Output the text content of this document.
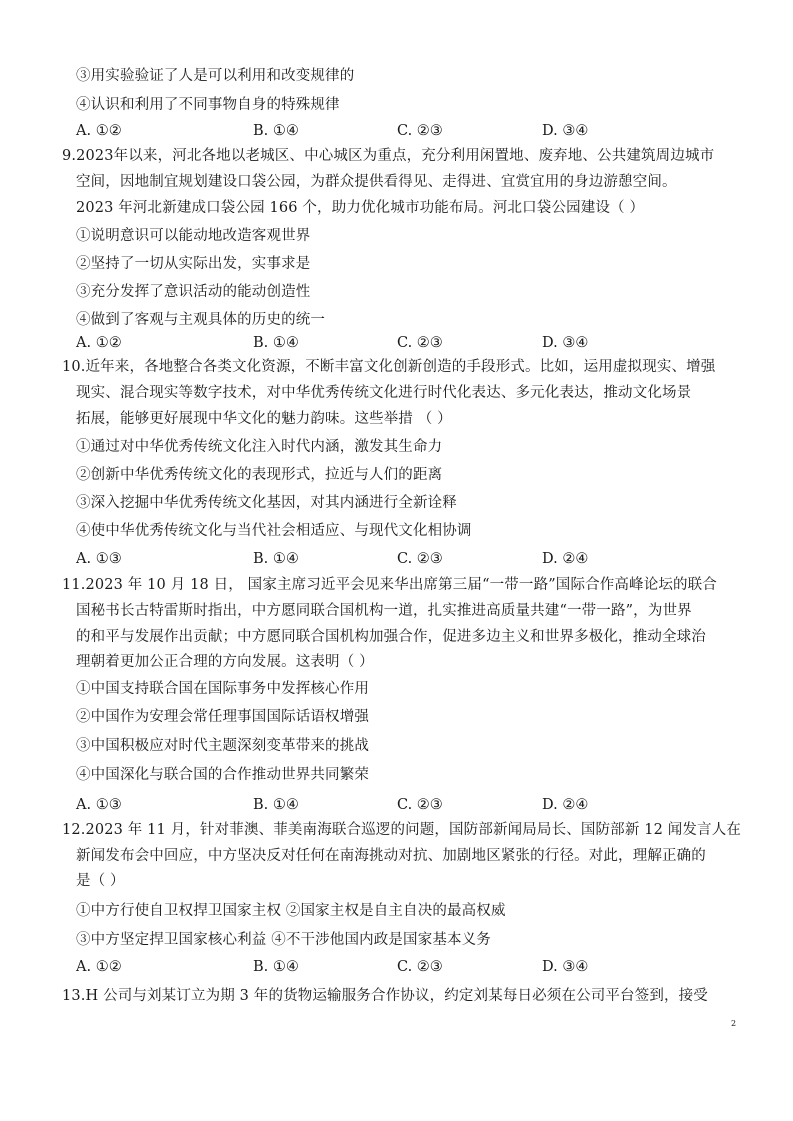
③用实验验证了人是可以利用和改变规律的
④认识和利用了不同事物自身的特殊规律
A. ①②	B. ①④	C. ②③	D. ③④
9.2023年以来，河北各地以老城区、中心城区为重点，充分利用闲置地、废弃地、公共建筑周边城市
空间，因地制宜规划建设口袋公园，为群众提供看得见、走得进、宜赏宜用的身边游憩空间。
2023 年河北新建成口袋公园 166 个，助力优化城市功能布局。河北口袋公园建设（ ）
①说明意识可以能动地改造客观世界
②坚持了一切从实际出发，实事求是
③充分发挥了意识活动的能动创造性
④做到了客观与主观具体的历史的统一
A. ①②	B. ①④	C. ②③	D. ③④
10.近年来，各地整合各类文化资源，不断丰富文化创新创造的手段形式。比如，运用虚拟现实、增强
现实、混合现实等数字技术，对中华优秀传统文化进行时代化表达、多元化表达，推动文化场景
拓展，能够更好展现中华文化的魅力韵味。这些举措 （ ）
①通过对中华优秀传统文化注入时代内涵，激发其生命力
②创新中华优秀传统文化的表现形式，拉近与人们的距离
③深入挖掘中华优秀传统文化基因，对其内涵进行全新诠释
④使中华优秀传统文化与当代社会相适应、与现代文化相协调
A. ①③	B. ①④	C. ②③	D. ②④
11.2023 年 10 月 18 日， 国家主席习近平会见来华出席第三届“一带一路”国际合作高峰论坛的联合
国秘书长古特雷斯时指出，中方愿同联合国机构一道，扎实推进高质量共建“一带一路”，为世界
的和平与发展作出贡献；中方愿同联合国机构加强合作，促进多边主义和世界多极化，推动全球治
理朝着更加公正合理的方向发展。这表明（ ）
①中国支持联合国在国际事务中发挥核心作用
②中国作为安理会常任理事国国际话语权增强
③中国积极应对时代主题深刻变革带来的挑战
④中国深化与联合国的合作推动世界共同繁荣
A. ①③	B. ①④	C. ②③	D. ②④
12.2023 年 11 月，针对菲澳、菲美南海联合巡逻的问题，国防部新闻局局长、国防部新 12 闻发言人在
新闻发布会中回应，中方坚决反对任何在南海挑动对抗、加剧地区紧张的行径。对此，理解正确的
是（ ）
①中方行使自卫权捍卫国家主权 ②国家主权是自主自决的最高权威
③中方坚定捍卫国家核心利益 ④不干涉他国内政是国家基本义务
A. ①②	B. ①④	C. ②③	D. ③④
13.H 公司与刘某订立为期 3 年的货物运输服务合作协议，约定刘某每日必须在公司平台签到，接受
2
